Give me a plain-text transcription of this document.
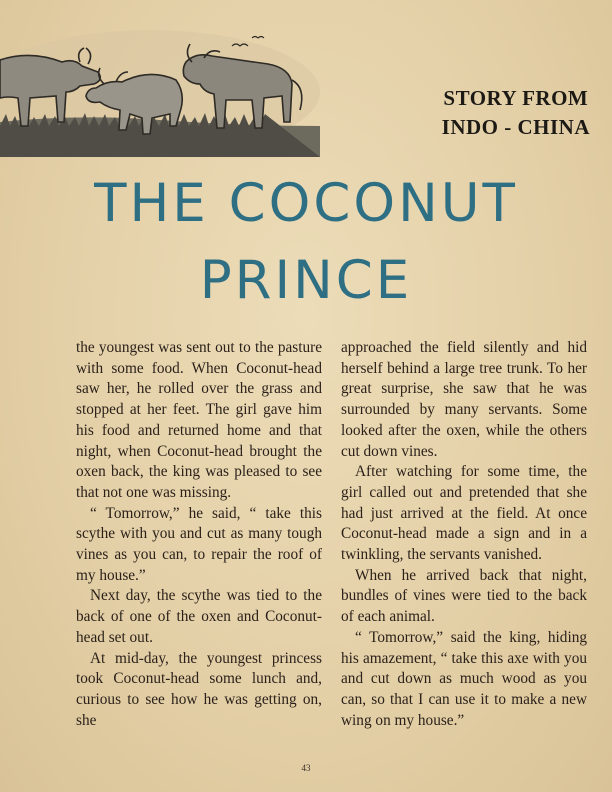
STORY FROM
INDO - CHINA
THE COCONUT
PRINCE

the youngest was sent out to the pasture with some food. When Coconut-head saw her, he rolled over the grass and stopped at her feet. The girl gave him his food and returned home and that night, when Coconut-head brought the oxen back, the king was pleased to see that not one was missing.

“ Tomorrow,” he said, “ take this scythe with you and cut as many tough vines as you can, to repair the roof of my house.”

Next day, the scythe was tied to the back of one of the oxen and Coconut-head set out.

At mid-day, the youngest princess took Coconut-head some lunch and, curious to see how he was getting on, she

approached the field silently and hid herself behind a large tree trunk. To her great surprise, she saw that he was surrounded by many servants. Some looked after the oxen, while the others cut down vines.

After watching for some time, the girl called out and pretended that she had just arrived at the field. At once Coconut-head made a sign and in a twinkling, the servants vanished.

When he arrived back that night, bundles of vines were tied to the back of each animal.

“ Tomorrow,” said the king, hiding his amazement, “ take this axe with you and cut down as much wood as you can, so that I can use it to make a new wing on my house.”

43
